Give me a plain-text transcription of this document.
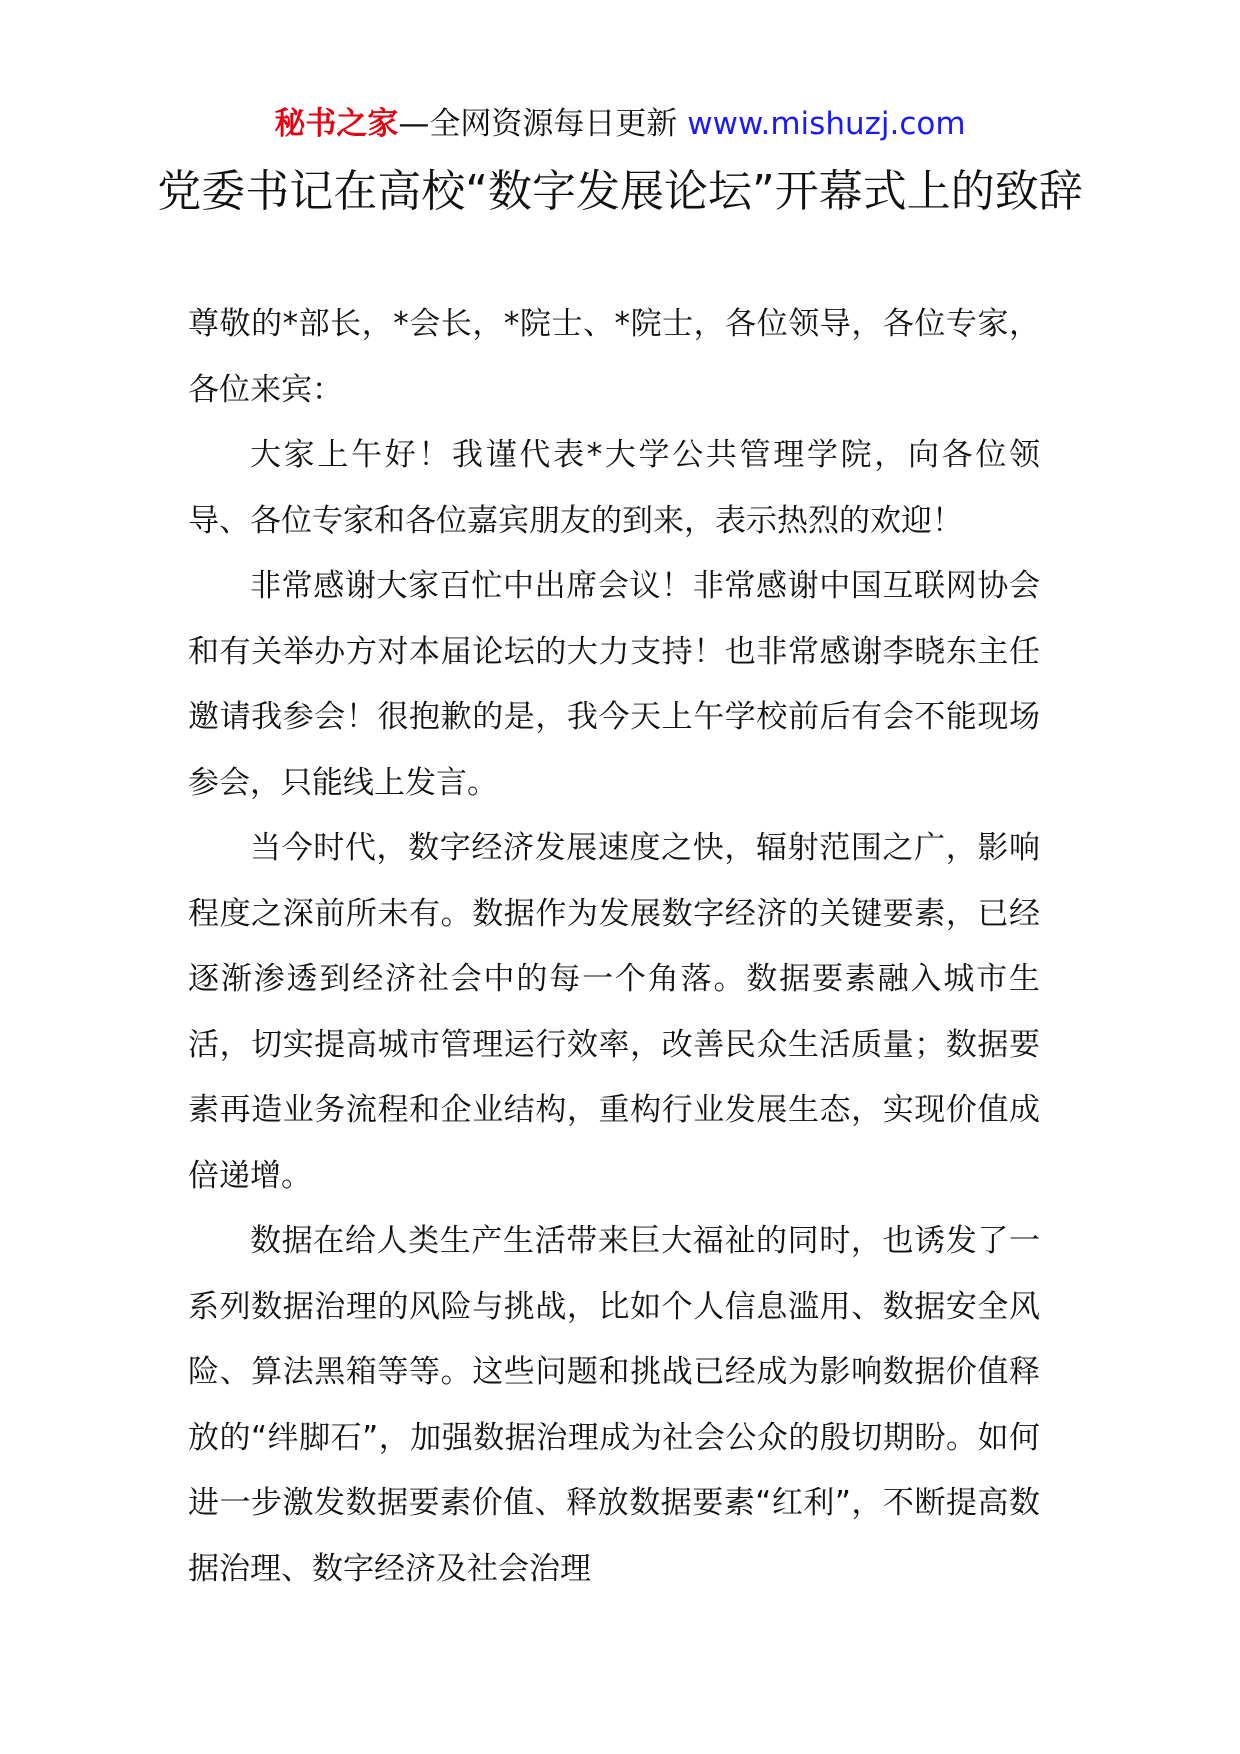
秘书之家—全网资源每日更新 www.mishuzj.com
党委书记在高校“数字发展论坛”开幕式上的致辞

尊敬的*部长，*会长，*院士、*院士，各位领导，各位专家，各位来宾：

大家上午好！我谨代表*大学公共管理学院，向各位领导、各位专家和各位嘉宾朋友的到来，表示热烈的欢迎！

非常感谢大家百忙中出席会议！非常感谢中国互联网协会和有关举办方对本届论坛的大力支持！也非常感谢李晓东主任邀请我参会！很抱歉的是，我今天上午学校前后有会不能现场参会，只能线上发言。

当今时代，数字经济发展速度之快，辐射范围之广，影响程度之深前所未有。数据作为发展数字经济的关键要素，已经逐渐渗透到经济社会中的每一个角落。数据要素融入城市生活，切实提高城市管理运行效率，改善民众生活质量；数据要素再造业务流程和企业结构，重构行业发展生态，实现价值成倍递增。

数据在给人类生产生活带来巨大福祉的同时，也诱发了一系列数据治理的风险与挑战，比如个人信息滥用、数据安全风险、算法黑箱等等。这些问题和挑战已经成为影响数据价值释放的“绊脚石”，加强数据治理成为社会公众的殷切期盼。如何进一步激发数据要素价值、释放数据要素“红利”，不断提高数据治理、数字经济及社会治理
